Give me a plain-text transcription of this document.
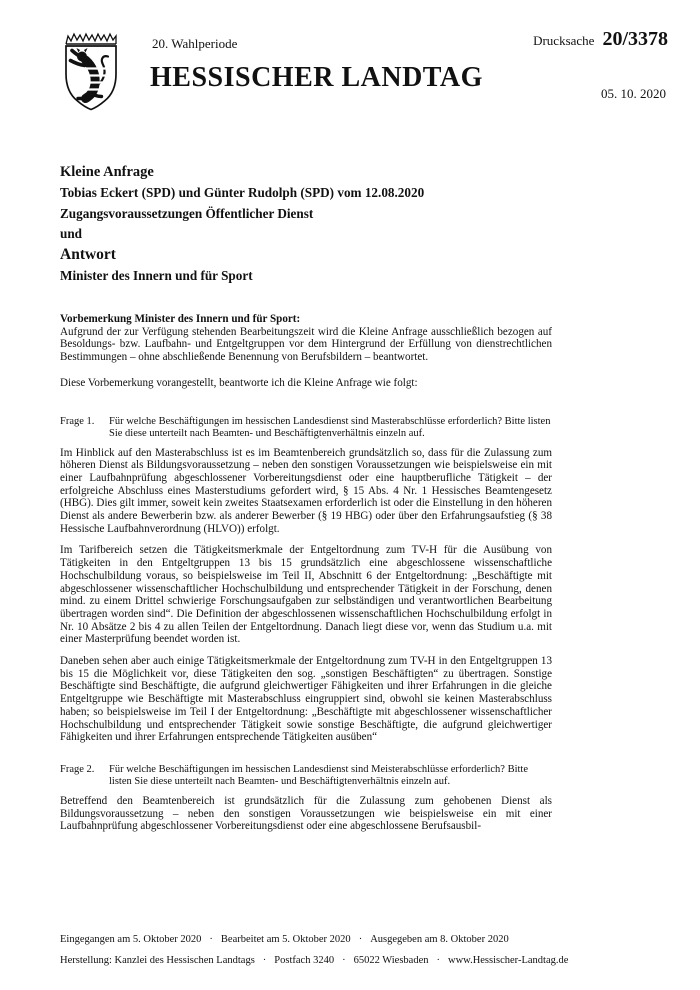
20. Wahlperiode
HESSISCHER LANDTAG
Drucksache 20/3378
05. 10. 2020
Kleine Anfrage
Tobias Eckert (SPD) und Günter Rudolph (SPD) vom 12.08.2020
Zugangsvoraussetzungen Öffentlicher Dienst
und
Antwort
Minister des Innern und für Sport

Vorbemerkung Minister des Innern und für Sport:

Aufgrund der zur Verfügung stehenden Bearbeitungszeit wird die Kleine Anfrage ausschließlich bezogen auf Besoldungs- bzw. Laufbahn- und Entgeltgruppen vor dem Hintergrund der Erfüllung von dienstrechtlichen Bestimmungen – ohne abschließende Benennung von Berufsbildern – beantwortet.

Diese Vorbemerkung vorangestellt, beantworte ich die Kleine Anfrage wie folgt:

Frage 1.	Für welche Beschäftigungen im hessischen Landesdienst sind Masterabschlüsse erforderlich? Bitte listen Sie diese unterteilt nach Beamten- und Beschäftigtenverhältnis einzeln auf.

Im Hinblick auf den Masterabschluss ist es im Beamtenbereich grundsätzlich so, dass für die Zulassung zum höheren Dienst als Bildungsvoraussetzung – neben den sonstigen Voraussetzungen wie beispielsweise ein mit einer Laufbahnprüfung abgeschlossener Vorbereitungsdienst oder eine hauptberufliche Tätigkeit – der erfolgreiche Abschluss eines Masterstudiums gefordert wird, § 15 Abs. 4 Nr. 1 Hessisches Beamtengesetz (HBG). Dies gilt immer, soweit kein zweites Staatsexamen erforderlich ist oder die Einstellung in den höheren Dienst als andere Bewerberin bzw. als anderer Bewerber (§ 19 HBG) oder über den Erfahrungsaufstieg (§ 38 Hessische Laufbahnverordnung (HLVO)) erfolgt.

Im Tarifbereich setzen die Tätigkeitsmerkmale der Entgeltordnung zum TV-H für die Ausübung von Tätigkeiten in den Entgeltgruppen 13 bis 15 grundsätzlich eine abgeschlossene wissenschaftliche Hochschulbildung voraus, so beispielsweise im Teil II, Abschnitt 6 der Entgeltordnung: „Beschäftigte mit abgeschlossener wissenschaftlicher Hochschulbildung und entsprechender Tätigkeit in der Forschung, denen mind. zu einem Drittel schwierige Forschungsaufgaben zur selbständigen und verantwortlichen Bearbeitung übertragen worden sind“. Die Definition der abgeschlossenen wissenschaftlichen Hochschulbildung erfolgt in Nr. 10 Absätze 2 bis 4 zu allen Teilen der Entgeltordnung. Danach liegt diese vor, wenn das Studium u.a. mit einer Masterprüfung beendet worden ist.

Daneben sehen aber auch einige Tätigkeitsmerkmale der Entgeltordnung zum TV-H in den Entgeltgruppen 13 bis 15 die Möglichkeit vor, diese Tätigkeiten den sog. „sonstigen Beschäftigten“ zu übertragen. Sonstige Beschäftigte sind Beschäftigte, die aufgrund gleichwertiger Fähigkeiten und ihrer Erfahrungen in die gleiche Entgeltgruppe wie Beschäftigte mit Masterabschluss eingruppiert sind, obwohl sie keinen Masterabschluss haben; so beispielsweise im Teil I der Entgeltordnung: „Beschäftigte mit abgeschlossener wissenschaftlicher Hochschulbildung und entsprechender Tätigkeit sowie sonstige Beschäftigte, die aufgrund gleichwertiger Fähigkeiten und ihrer Erfahrungen entsprechende Tätigkeiten ausüben“

Frage 2.	Für welche Beschäftigungen im hessischen Landesdienst sind Meisterabschlüsse erforderlich? Bitte listen Sie diese unterteilt nach Beamten- und Beschäftigtenverhältnis einzeln auf.

Betreffend den Beamtenbereich ist grundsätzlich für die Zulassung zum gehobenen Dienst als Bildungsvoraussetzung – neben den sonstigen Voraussetzungen wie beispielsweise ein mit einer Laufbahnprüfung abgeschlossener Vorbereitungsdienst oder eine abgeschlossene Berufsausbil-

Eingegangen am 5. Oktober 2020 · Bearbeitet am 5. Oktober 2020 · Ausgegeben am 8. Oktober 2020
Herstellung: Kanzlei des Hessischen Landtags · Postfach 3240 · 65022 Wiesbaden · www.Hessischer-Landtag.de
